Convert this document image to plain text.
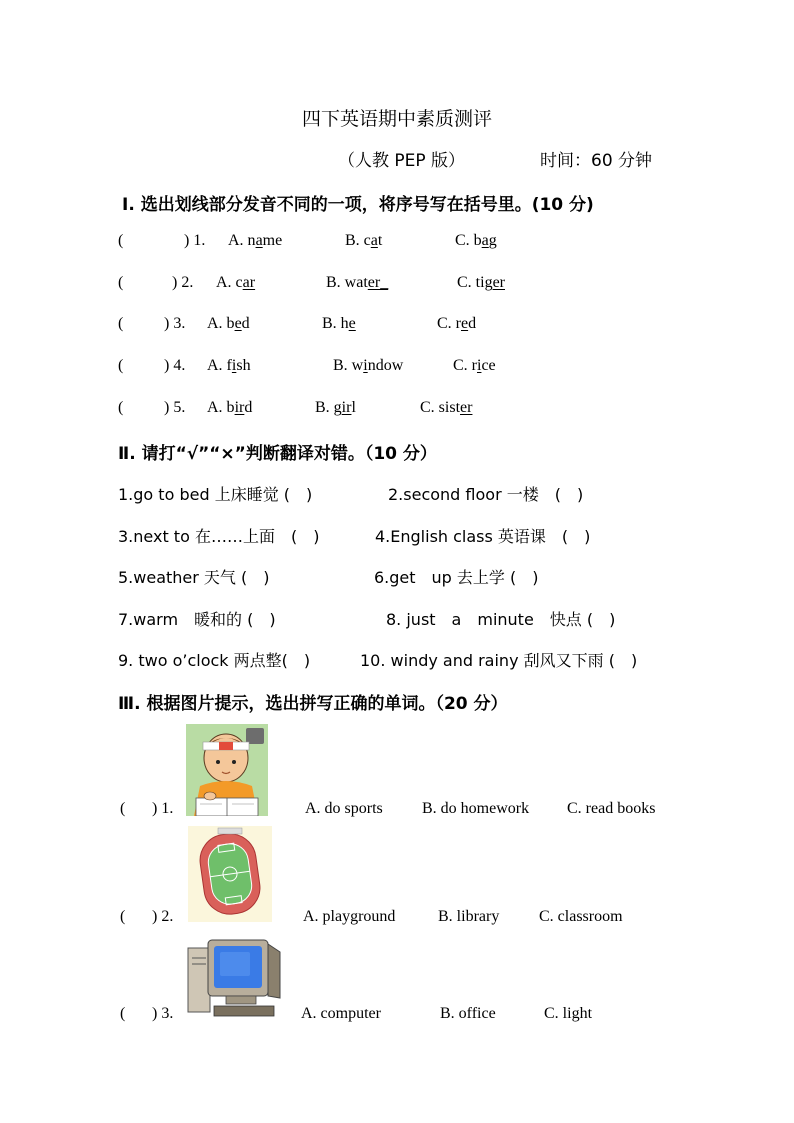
四下英语期中素质测评
（人教 PEP 版）	时间：60 分钟
Ⅰ. 选出划线部分发音不同的一项，将序号写在括号里。(10 分)
(	) 1. A. name	B. cat	C. bag
(	) 2. A. car	B. water_	C. tiger
(	) 3. A. bed	B. he	C. red
(	) 4. A. fish	B. window	C. rice
(	) 5. A. bird	B. girl	C. sister
Ⅱ. 请打“√”“×”判断翻译对错。（10 分）
1.go to bed 上床睡觉 (　)	2.second floor 一楼　(　)
3.next to 在……上面　(　)	4.English class 英语课　(　)
5.weather 天气 (　)	6.get　up 去上学 (　)
7.warm　暖和的 (　)	8. just　a　minute　快点 (　)
9. two o’clock 两点整(　)	10. windy and rainy 刮风又下雨 (　)
Ⅲ. 根据图片提示，选出拼写正确的单词。（20 分）
( ) 1.	A. do sports B. do homework C. read books
( ) 2.	A. playground	B. library C. classroom
( ) 3.	A. computer	B. office	C. light
